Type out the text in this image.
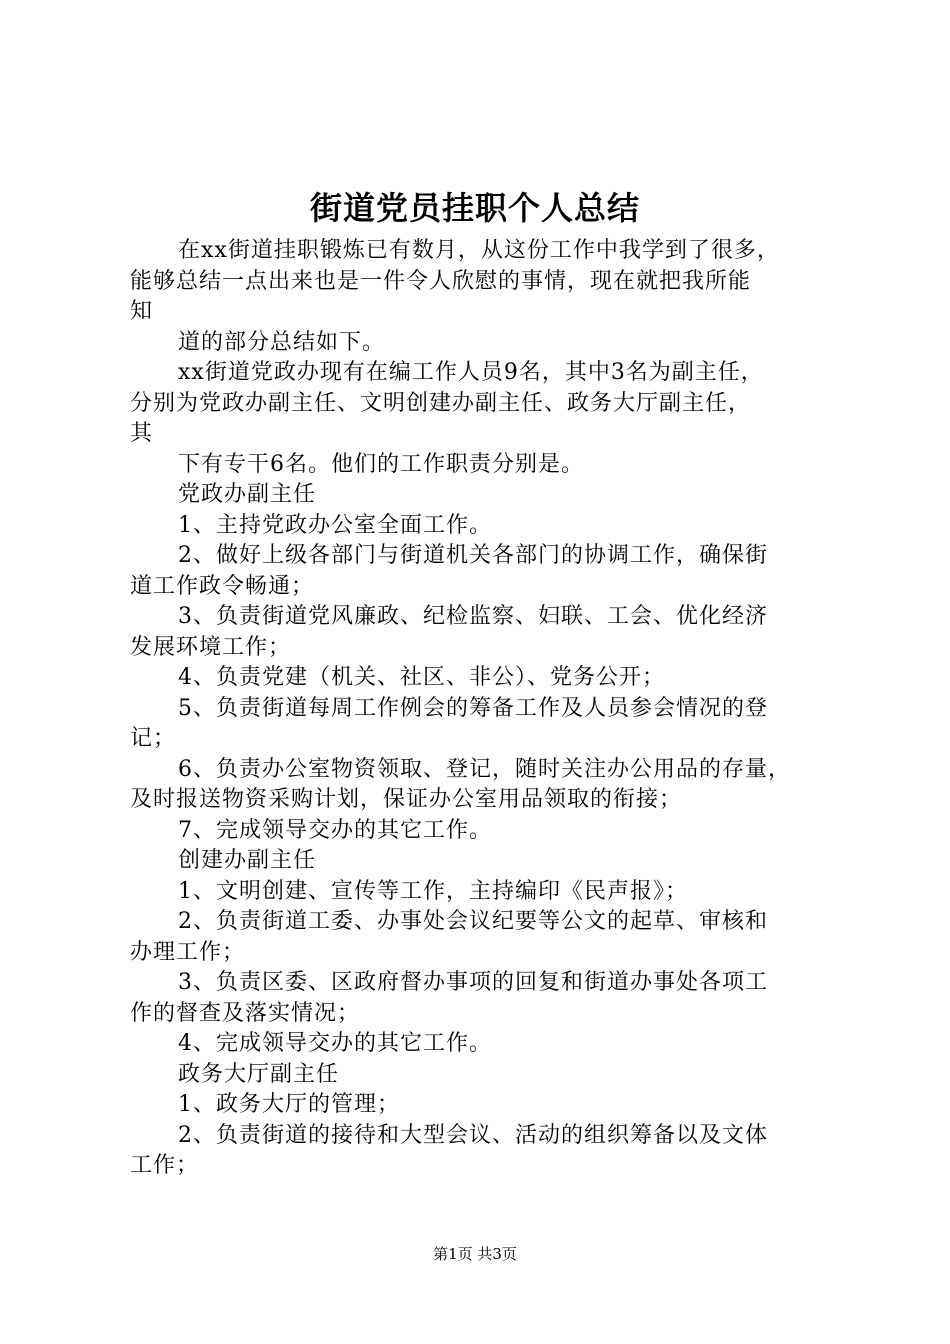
街道党员挂职个人总结
在xx街道挂职锻炼已有数月，从这份工作中我学到了很多，
能够总结一点出来也是一件令人欣慰的事情，现在就把我所能
知
道的部分总结如下。
xx街道党政办现有在编工作人员9名，其中3名为副主任，
分别为党政办副主任、文明创建办副主任、政务大厅副主任，
其
下有专干6名。他们的工作职责分别是。
党政办副主任
1、主持党政办公室全面工作。
2、做好上级各部门与街道机关各部门的协调工作，确保街
道工作政令畅通；
3、负责街道党风廉政、纪检监察、妇联、工会、优化经济
发展环境工作；
4、负责党建（机关、社区、非公）、党务公开；
5、负责街道每周工作例会的筹备工作及人员参会情况的登
记；
6、负责办公室物资领取、登记，随时关注办公用品的存量，
及时报送物资采购计划，保证办公室用品领取的衔接；
7、完成领导交办的其它工作。
创建办副主任
1、文明创建、宣传等工作，主持编印《民声报》；
2、负责街道工委、办事处会议纪要等公文的起草、审核和
办理工作；
3、负责区委、区政府督办事项的回复和街道办事处各项工
作的督查及落实情况；
4、完成领导交办的其它工作。
政务大厅副主任
1、政务大厅的管理；
2、负责街道的接待和大型会议、活动的组织筹备以及文体
工作；
第1页 共3页
